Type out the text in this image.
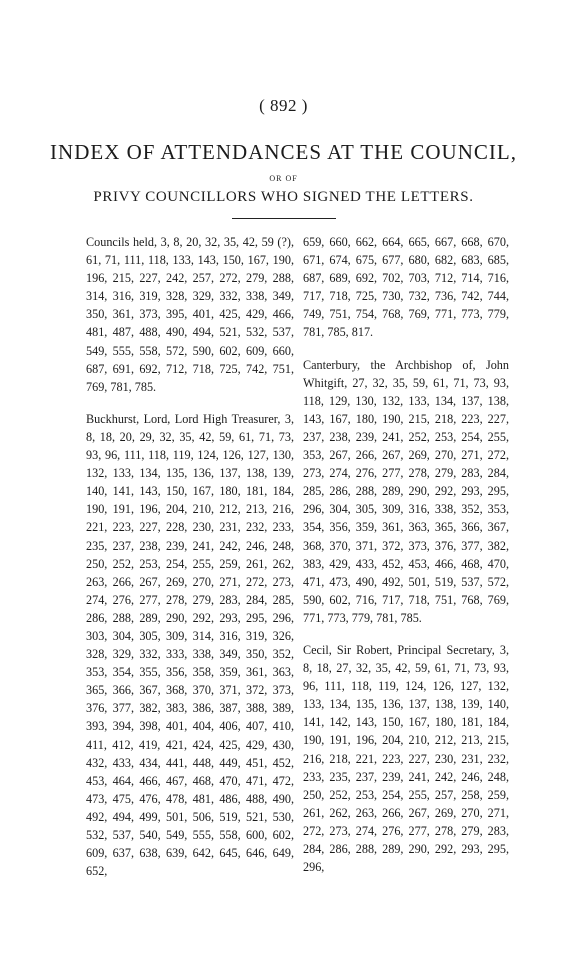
( 892 )
INDEX OF ATTENDANCES AT THE COUNCIL,
OR OF
PRIVY COUNCILLORS WHO SIGNED THE LETTERS.

Councils held, 3, 8, 20, 32, 35, 42, 59 (?), 61, 71, 111, 118, 133, 143, 150, 167, 190, 196, 215, 227, 242, 257, 272, 279, 288, 314, 316, 319, 328, 329, 332, 338, 349, 350, 361, 373, 395, 401, 425, 429, 466, 481, 487, 488, 490, 494, 521, 532, 537, 549, 555, 558, 572, 590, 602, 609, 660, 687, 691, 692, 712, 718, 725, 742, 751, 769, 781, 785.

Buckhurst, Lord, Lord High Treasurer, 3, 8, 18, 20, 29, 32, 35, 42, 59, 61, 71, 73, 93, 96, 111, 118, 119, 124, 126, 127, 130, 132, 133, 134, 135, 136, 137, 138, 139, 140, 141, 143, 150, 167, 180, 181, 184, 190, 191, 196, 204, 210, 212, 213, 216, 221, 223, 227, 228, 230, 231, 232, 233, 235, 237, 238, 239, 241, 242, 246, 248, 250, 252, 253, 254, 255, 259, 261, 262, 263, 266, 267, 269, 270, 271, 272, 273, 274, 276, 277, 278, 279, 283, 284, 285, 286, 288, 289, 290, 292, 293, 295, 296, 303, 304, 305, 309, 314, 316, 319, 326, 328, 329, 332, 333, 338, 349, 350, 352, 353, 354, 355, 356, 358, 359, 361, 363, 365, 366, 367, 368, 370, 371, 372, 373, 376, 377, 382, 383, 386, 387, 388, 389, 393, 394, 398, 401, 404, 406, 407, 410, 411, 412, 419, 421, 424, 425, 429, 430, 432, 433, 434, 441, 448, 449, 451, 452, 453, 464, 466, 467, 468, 470, 471, 472, 473, 475, 476, 478, 481, 486, 488, 490, 492, 494, 499, 501, 506, 519, 521, 530, 532, 537, 540, 549, 555, 558, 600, 602, 609, 637, 638, 639, 642, 645, 646, 649, 652,

659, 660, 662, 664, 665, 667, 668, 670, 671, 674, 675, 677, 680, 682, 683, 685, 687, 689, 692, 702, 703, 712, 714, 716, 717, 718, 725, 730, 732, 736, 742, 744, 749, 751, 754, 768, 769, 771, 773, 779, 781, 785, 817.

Canterbury, the Archbishop of, John Whitgift, 27, 32, 35, 59, 61, 71, 73, 93, 118, 129, 130, 132, 133, 134, 137, 138, 143, 167, 180, 190, 215, 218, 223, 227, 237, 238, 239, 241, 252, 253, 254, 255, 353, 267, 266, 267, 269, 270, 271, 272, 273, 274, 276, 277, 278, 279, 283, 284, 285, 286, 288, 289, 290, 292, 293, 295, 296, 304, 305, 309, 316, 338, 352, 353, 354, 356, 359, 361, 363, 365, 366, 367, 368, 370, 371, 372, 373, 376, 377, 382, 383, 429, 433, 452, 453, 466, 468, 470, 471, 473, 490, 492, 501, 519, 537, 572, 590, 602, 716, 717, 718, 751, 768, 769, 771, 773, 779, 781, 785.

Cecil, Sir Robert, Principal Secretary, 3, 8, 18, 27, 32, 35, 42, 59, 61, 71, 73, 93, 96, 111, 118, 119, 124, 126, 127, 132, 133, 134, 135, 136, 137, 138, 139, 140, 141, 142, 143, 150, 167, 180, 181, 184, 190, 191, 196, 204, 210, 212, 213, 215, 216, 218, 221, 223, 227, 230, 231, 232, 233, 235, 237, 239, 241, 242, 246, 248, 250, 252, 253, 254, 255, 257, 258, 259, 261, 262, 263, 266, 267, 269, 270, 271, 272, 273, 274, 276, 277, 278, 279, 283, 284, 286, 288, 289, 290, 292, 293, 295, 296,
